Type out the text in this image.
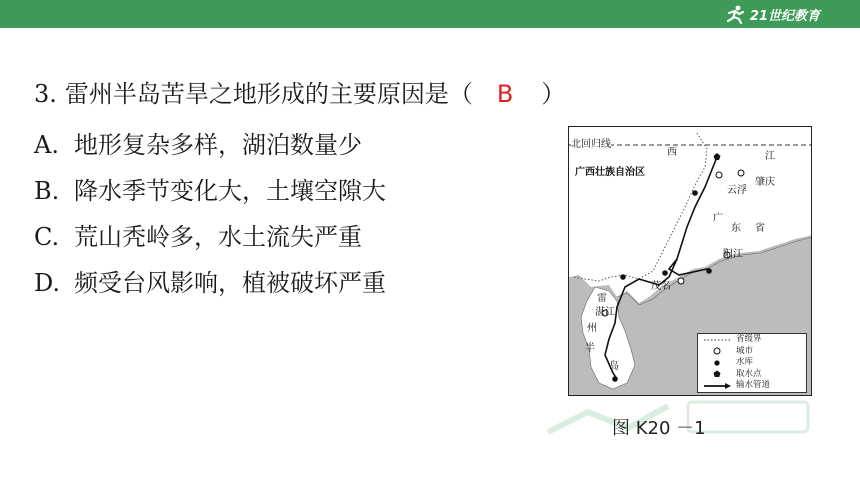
21世纪教育
3. 雷州半岛苦旱之地形成的主要原因是（ B ）
A. 地形复杂多样，湖泊数量少
B. 降水季节变化大，土壤空隙大
C. 荒山秃岭多，水土流失严重
D. 频受台风影响，植被破坏严重
北回归线
西	江
广西壮族自治区
肇庆
云浮
广
东 省
阳江
茂名
雷
湛江
州
半
岛
省级界
城市
水库
取水点
输水管道
图 K20 －1
